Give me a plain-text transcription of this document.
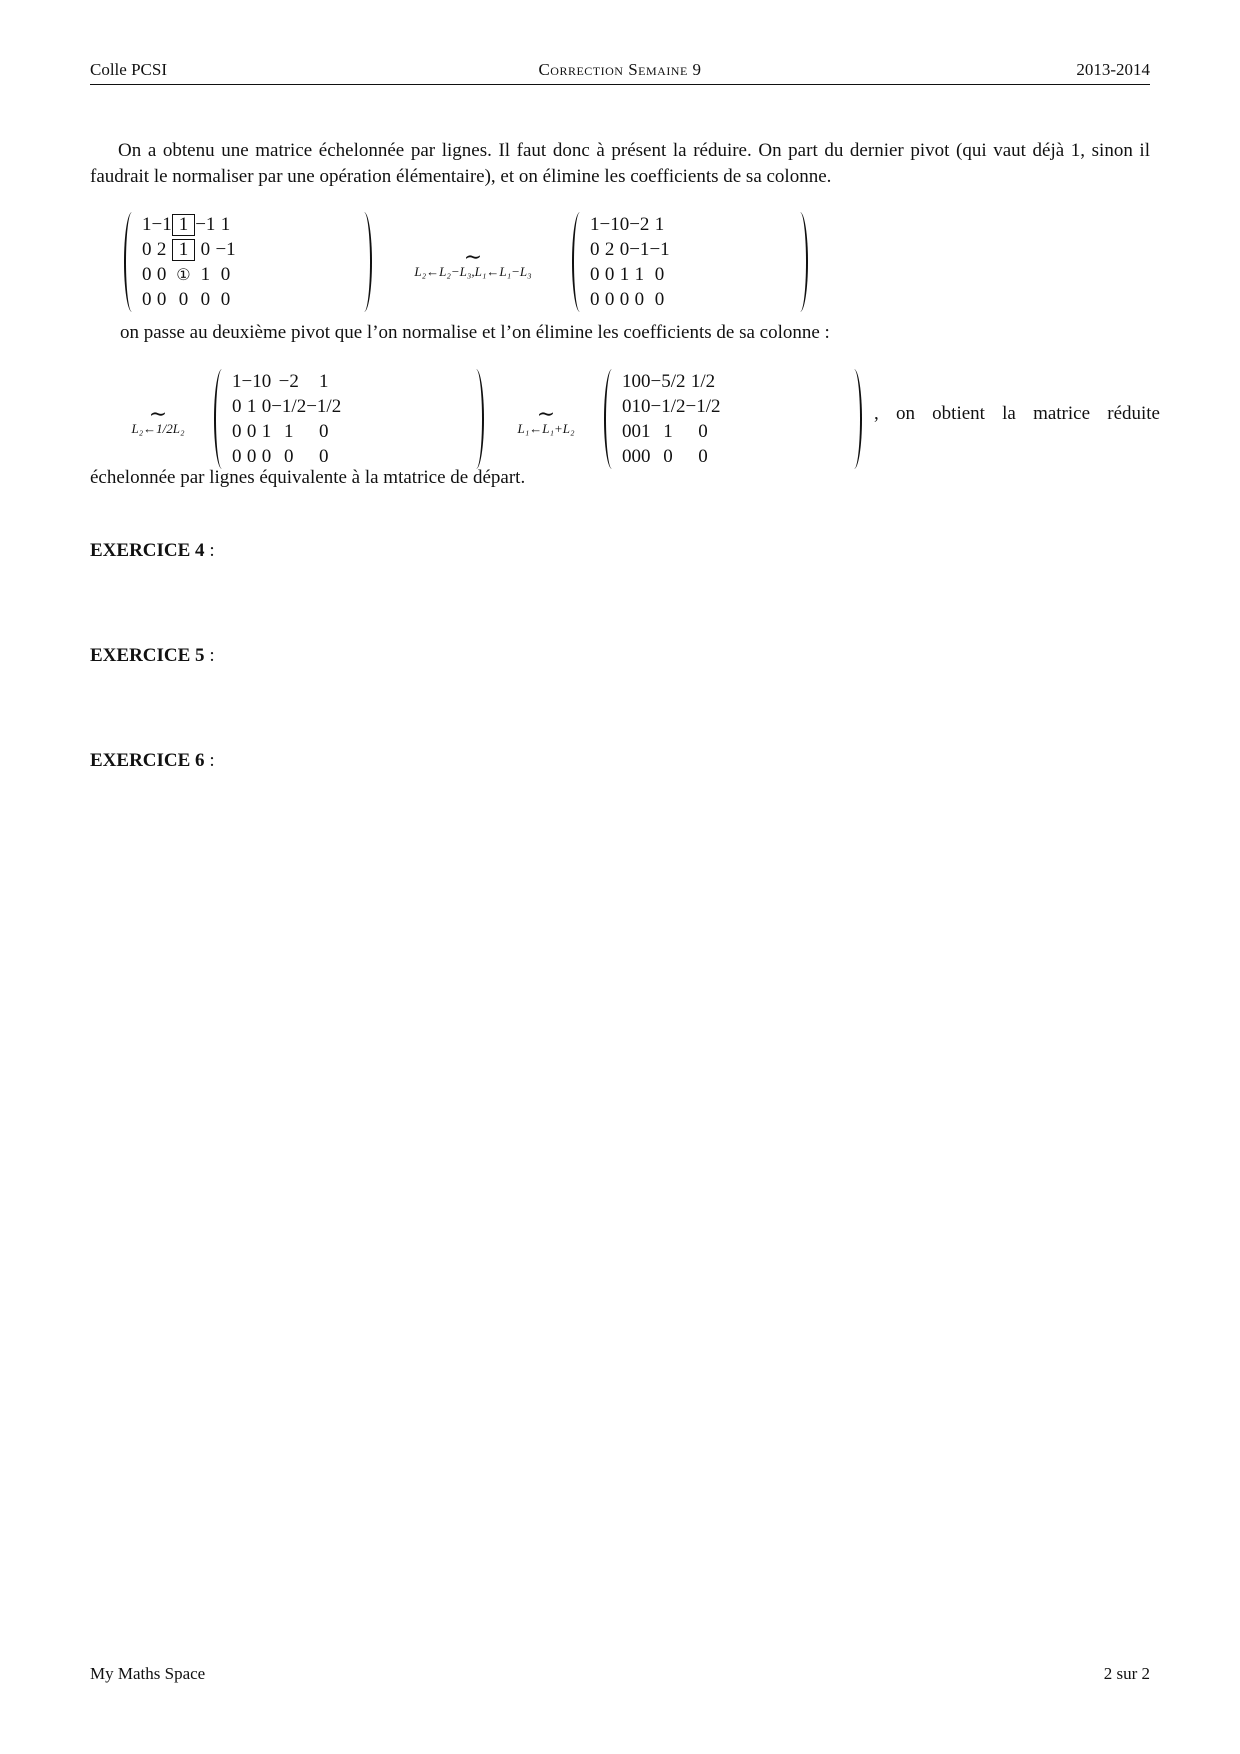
Colle PCSI	Correction Semaine 9	2013-2014
On a obtenu une matrice échelonnée par lignes. Il faut donc à présent la réduire. On part du dernier pivot (qui vaut déjà 1, sinon il faudrait le normaliser par une opération élémentaire), et on élimine les coefficients de sa colonne.
1	−1	1	−1	1
0	2	1	0	−1
0	0	①	1	0
0	0	0	0	0
∼
L₂←L₂−L₃,L₁←L₁−L₃
1	−1	0	−2	1
0	2	0	−1	−1
0	0	1	1	0
0	0	0	0	0
on passe au deuxième pivot que l’on normalise et l’on élimine les coefficients de sa colonne :
∼
L₂←1/2L₂
1	−1	0	−2	1
0	1	0	−1/2	−1/2
0	0	1	1	0
0	0	0	0	0
∼
L₁←L₁+L₂
1	0	0	−5/2	1/2
0	1	0	−1/2	−1/2
0	0	1	1	0
0	0	0	0	0
, on obtient la matrice réduite
échelonnée par lignes équivalente à la mtatrice de départ.
EXERCICE 4 :
EXERCICE 5 :
EXERCICE 6 :
My Maths Space	2 sur 2
